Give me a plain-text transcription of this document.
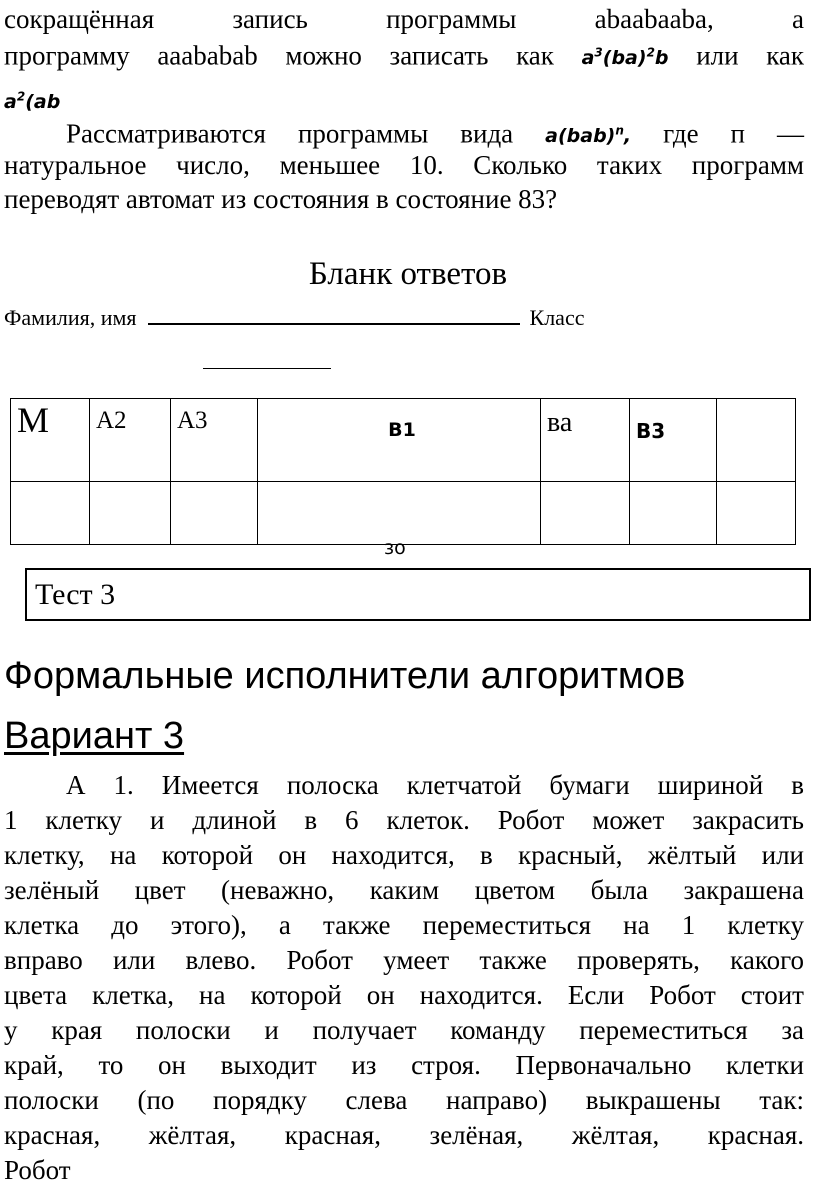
сокращённая запись программы abaabaaba, а
программу aaababab можно записать как $a^3(ba)^2b$ или как
$a^2(ab$
Рассматриваются программы вида a(bab)$^n$, где п —
натуральное число, меньшее 10. Сколько таких программ
переводят автомат из состояния в состояние 83?
Бланк ответов
Фамилия, имя	Класс
М	А2	А3	В1	ва	В3	

зо
Тест 3
Формальные исполнители алгоритмов
Вариант 3
А 1. Имеется полоска клетчатой бумаги шириной в
1 клетку и длиной в 6 клеток. Робот может закрасить
клетку, на которой он находится, в красный, жёлтый или
зелёный цвет (неважно, каким цветом была закрашена
клетка до этого), а также переместиться на 1 клетку
вправо или влево. Робот умеет также проверять, какого
цвета клетка, на которой он находится. Если Робот стоит
у края полоски и получает команду переместиться за
край, то он выходит из строя. Первоначально клетки
полоски (по порядку слева направо) выкрашены так:
красная, жёлтая, красная, зелёная, жёлтая, красная.
Робот
